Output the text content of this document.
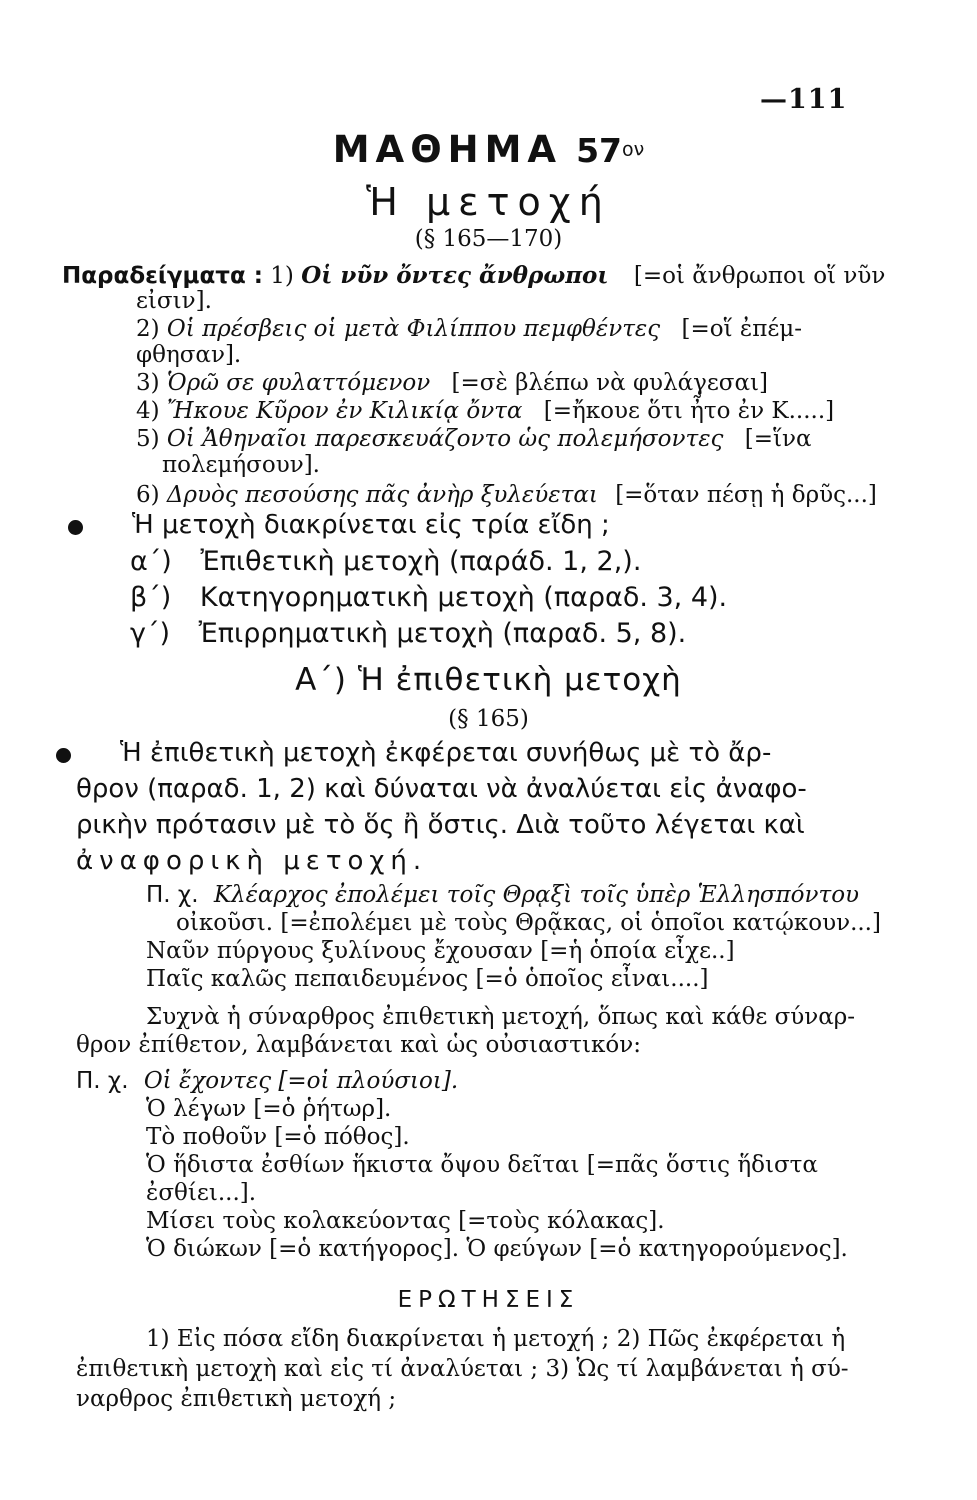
—111
ΜΑΘΗΜΑ $57^{o\nu}$
Ἡ μετοχή
(§ 165—170)
Παραδείγματα : 1) Οἱ νῦν ὄντες ἄνθρωποι [=οἱ ἄνθρωποι οἵ νῦν
εἰσιν].
2) Οἱ πρέσβεις οἱ μετὰ Φιλίππου πεμφθέντες [=οἵ ἐπέμ-
φθησαν].
3) Ὁρῶ σε φυλαττόμενον [=σὲ βλέπω νὰ φυλάγεσαι]
4) Ἤκουε Κῦρον ἐν Κιλικίᾳ ὄντα [=ἤκουε ὅτι ἦτο ἐν Κ.....]
5) Οἱ Ἀθηναῖοι παρεσκευάζοντο ὡς πολεμήσοντες [=ἵνα
πολεμήσουν].
6) Δρυὸς πεσούσης πᾶς ἀνὴρ ξυλεύεται [=ὅταν πέσῃ ἡ δρῦς...]
Ἡ μετοχὴ διακρίνεται εἰς τρία εἴδη ;
α΄) Ἐπιθετικὴ μετοχὴ (παράδ. 1, 2,).
β΄) Κατηγορηματικὴ μετοχὴ (παραδ. 3, 4).
γ΄) Ἐπιρρηματικὴ μετοχὴ (παραδ. 5, 8).
Α΄) Ἡ ἐπιθετικὴ μετοχὴ
(§ 165)
Ἡ ἐπιθετικὴ μετοχὴ ἐκφέρεται συνήθως μὲ τὸ ἄρ-
θρον (παραδ. 1, 2) καὶ δύναται νὰ ἀναλύεται εἰς ἀναφο-
ρικὴν πρότασιν μὲ τὸ ὅς ἢ ὅστις. Διὰ τοῦτο λέγεται καὶ
ἀναφορικὴ μετοχή.
Π. χ. Κλέαρχος ἐπολέμει τοῖς Θρᾳξὶ τοῖς ὑπὲρ Ἑλλησπόντου
οἰκοῦσι. [=ἐπολέμει μὲ τοὺς Θρᾷκας, οἱ ὁποῖοι κατῴκουν...]
Ναῦν πύργους ξυλίνους ἔχουσαν [=ἡ ὁποία εἶχε..]
Παῖς καλῶς πεπαιδευμένος [=ὁ ὁποῖος εἶναι....]
Συχνὰ ἡ σύναρθρος ἐπιθετικὴ μετοχή, ὅπως καὶ κάθε σύναρ-
θρον ἐπίθετον, λαμβάνεται καὶ ὡς οὐσιαστικόν:
Π. χ. Οἱ ἔχοντες [=οἱ πλούσιοι].
Ὁ λέγων [=ὁ ῥήτωρ].
Τὸ ποθοῦν [=ὁ πόθος].
Ὁ ἥδιστα ἐσθίων ἥκιστα ὄψου δεῖται [=πᾶς ὅστις ἥδιστα
ἐσθίει...].
Μίσει τοὺς κολακεύοντας [=τοὺς κόλακας].
Ὁ διώκων [=ὁ κατήγορος]. Ὁ φεύγων [=ὁ κατηγορούμενος].
ΕΡΩΤΗΣΕΙΣ
1) Εἰς πόσα εἴδη διακρίνεται ἡ μετοχή ; 2) Πῶς ἐκφέρεται ἡ
ἐπιθετικὴ μετοχὴ καὶ εἰς τί ἀναλύεται ; 3) Ὡς τί λαμβάνεται ἡ σύ-
ναρθρος ἐπιθετικὴ μετοχή ;
